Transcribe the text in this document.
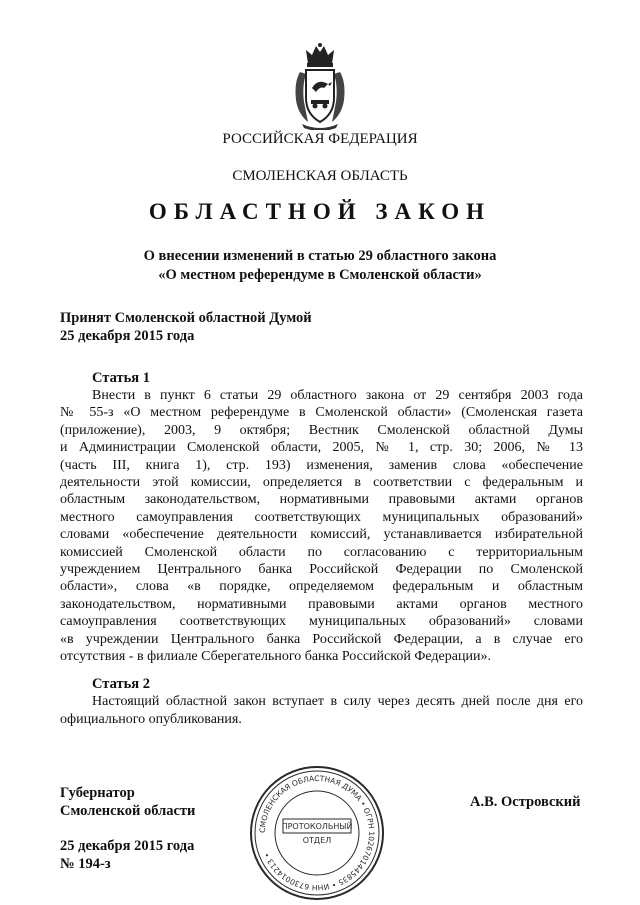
РОССИЙСКАЯ ФЕДЕРАЦИЯ
СМОЛЕНСКАЯ ОБЛАСТЬ
ОБЛАСТНОЙ ЗАКОН
О внесении изменений в статью 29 областного закона
«О местном референдуме в Смоленской области»
Принят Смоленской областной Думой
25 декабря 2015 года
Статья 1
Внести в пункт 6 статьи 29 областного закона от 29 сентября 2003 года
№ 55-з «О местном референдуме в Смоленской области» (Смоленская газета
(приложение), 2003, 9 октября; Вестник Смоленской областной Думы
и Администрации Смоленской области, 2005, № 1, стр. 30; 2006, № 13
(часть III, книга 1), стр. 193) изменения, заменив слова «обеспечение
деятельности этой комиссии, определяется в соответствии с федеральным и
областным законодательством, нормативными правовыми актами органов
местного самоуправления соответствующих муниципальных образований»
словами «обеспечение деятельности комиссий, устанавливается избирательной
комиссией Смоленской области по согласованию с территориальным
учреждением Центрального банка Российской Федерации по Смоленской
области», слова «в порядке, определяемом федеральным и областным
законодательством, нормативными правовыми актами органов местного
самоуправления соответствующих муниципальных образований» словами
«в учреждении Центрального банка Российской Федерации, а в случае его
отсутствия - в филиале Сберегательного банка Российской Федерации».
Статья 2
Настоящий областной закон вступает в силу через десять дней после дня его
официального опубликования.
Губернатор
Смоленской области
А.В. Островский
25 декабря 2015 года
№ 194-з
СМОЛЕНСКАЯ ОБЛАСТНАЯ ДУМА • ОГРН 1026701445835 • ИНН 6730014213 •
ПРОТОКОЛЬНЫЙ
ОТДЕЛ
